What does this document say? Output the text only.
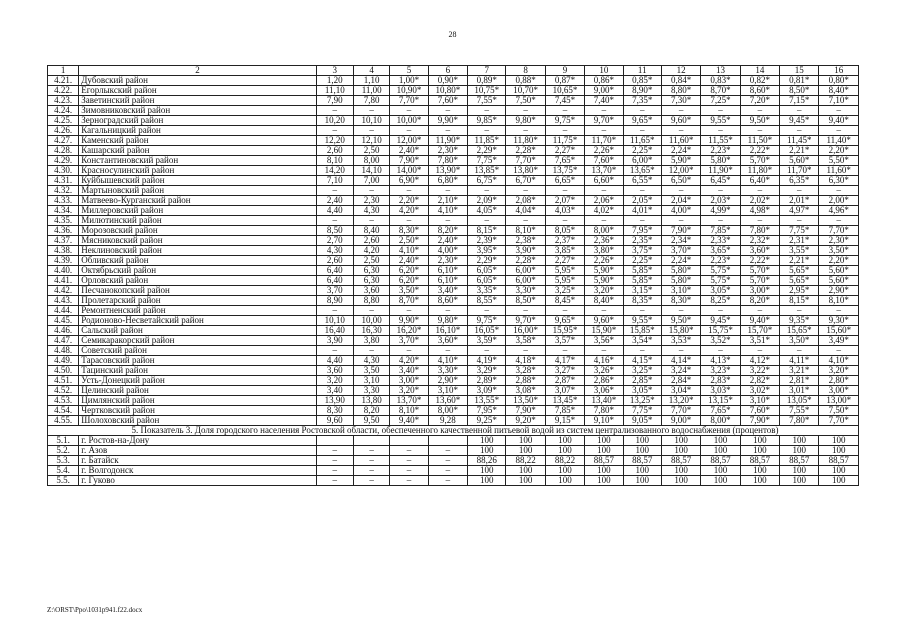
28
1	2	3	4	5	6	7	8	9	10	11	12	13	14	15	16
4.21.	Дубовский район	1,20	1,10	1,00*	0,90*	0,89*	0,88*	0,87*	0,86*	0,85*	0,84*	0,83*	0,82*	0,81*	0,80*
4.22.	Егорлыкский район	11,10	11,00	10,90*	10,80*	10,75*	10,70*	10,65*	9,00*	8,90*	8,80*	8,70*	8,60*	8,50*	8,40*
4.23.	Заветинский район	7,90	7,80	7,70*	7,60*	7,55*	7,50*	7,45*	7,40*	7,35*	7,30*	7,25*	7,20*	7,15*	7,10*
4.24.	Зимовниковский район	–	–	–	–	–	–	–	–	–	–	–	–	–	–
4.25.	Зерноградский район	10,20	10,10	10,00*	9,90*	9,85*	9,80*	9,75*	9,70*	9,65*	9,60*	9,55*	9,50*	9,45*	9,40*
4.26.	Кагальницкий район	–	–	–	–	–	–	–	–	–	–	–	–	–	–
4.27.	Каменский район	12,20	12,10	12,00*	11,90*	11,85*	11,80*	11,75*	11,70*	11,65*	11,60*	11,55*	11,50*	11,45*	11,40*
4.28.	Кашарский район	2,60	2,50	2,40*	2,30*	2,29*	2,28*	2,27*	2,26*	2,25*	2,24*	2,23*	2,22*	2,21*	2,20*
4.29.	Константиновский район	8,10	8,00	7,90*	7,80*	7,75*	7,70*	7,65*	7,60*	6,00*	5,90*	5,80*	5,70*	5,60*	5,50*
4.30.	Красносулинский район	14,20	14,10	14,00*	13,90*	13,85*	13,80*	13,75*	13,70*	13,65*	12,00*	11,90*	11,80*	11,70*	11,60*
4.31.	Куйбышевский район	7,10	7,00	6,90*	6,80*	6,75*	6,70*	6,65*	6,60*	6,55*	6,50*	6,45*	6,40*	6,35*	6,30*
4.32.	Мартыновский район	–	–	–	–	–	–	–	–	–	–	–	–	–	–
4.33.	Матвеево-Курганский район	2,40	2,30	2,20*	2,10*	2,09*	2,08*	2,07*	2,06*	2,05*	2,04*	2,03*	2,02*	2,01*	2,00*
4.34.	Миллеровский район	4,40	4,30	4,20*	4,10*	4,05*	4,04*	4,03*	4,02*	4,01*	4,00*	4,99*	4,98*	4,97*	4,96*
4.35.	Милютинский район	–	–	–	–	–	–	–	–	–	–	–	–	–	–
4.36.	Морозовский район	8,50	8,40	8,30*	8,20*	8,15*	8,10*	8,05*	8,00*	7,95*	7,90*	7,85*	7,80*	7,75*	7,70*
4.37.	Мясниковский район	2,70	2,60	2,50*	2,40*	2,39*	2,38*	2,37*	2,36*	2,35*	2,34*	2,33*	2,32*	2,31*	2,30*
4.38.	Неклиновский район	4,30	4,20	4,10*	4,00*	3,95*	3,90*	3,85*	3,80*	3,75*	3,70*	3,65*	3,60*	3,55*	3,50*
4.39.	Обливский район	2,60	2,50	2,40*	2,30*	2,29*	2,28*	2,27*	2,26*	2,25*	2,24*	2,23*	2,22*	2,21*	2,20*
4.40.	Октябрьский район	6,40	6,30	6,20*	6,10*	6,05*	6,00*	5,95*	5,90*	5,85*	5,80*	5,75*	5,70*	5,65*	5,60*
4.41.	Орловский район	6,40	6,30	6,20*	6,10*	6,05*	6,00*	5,95*	5,90*	5,85*	5,80*	5,75*	5,70*	5,65*	5,60*
4.42.	Песчанокопский район	3,70	3,60	3,50*	3,40*	3,35*	3,30*	3,25*	3,20*	3,15*	3,10*	3,05*	3,00*	2,95*	2,90*
4.43.	Пролетарский район	8,90	8,80	8,70*	8,60*	8,55*	8,50*	8,45*	8,40*	8,35*	8,30*	8,25*	8,20*	8,15*	8,10*
4.44.	Ремонтненский район	–	–	–	–	–	–	–	–	–	–	–	–	–	–
4.45.	Родионово-Несветайский район	10,10	10,00	9,90*	9,80*	9,75*	9,70*	9,65*	9,60*	9,55*	9,50*	9,45*	9,40*	9,35*	9,30*
4.46.	Сальский район	16,40	16,30	16,20*	16,10*	16,05*	16,00*	15,95*	15,90*	15,85*	15,80*	15,75*	15,70*	15,65*	15,60*
4.47.	Семикаракорский район	3,90	3,80	3,70*	3,60*	3,59*	3,58*	3,57*	3,56*	3,54*	3,53*	3,52*	3,51*	3,50*	3,49*
4.48.	Советский район	–	–	–	–	–	–	–	–	–	–	–	–	–	–
4.49.	Тарасовский район	4,40	4,30	4,20*	4,10*	4,19*	4,18*	4,17*	4,16*	4,15*	4,14*	4,13*	4,12*	4,11*	4,10*
4.50.	Тацинский район	3,60	3,50	3,40*	3,30*	3,29*	3,28*	3,27*	3,26*	3,25*	3,24*	3,23*	3,22*	3,21*	3,20*
4.51.	Усть-Донецкий район	3,20	3,10	3,00*	2,90*	2,89*	2,88*	2,87*	2,86*	2,85*	2,84*	2,83*	2,82*	2,81*	2,80*
4.52.	Целинский район	3,40	3,30	3,20*	3,10*	3,09*	3,08*	3,07*	3,06*	3,05*	3,04*	3,03*	3,02*	3,01*	3,00*
4.53.	Цимлянский район	13,90	13,80	13,70*	13,60*	13,55*	13,50*	13,45*	13,40*	13,25*	13,20*	13,15*	3,10*	13,05*	13,00*
4.54.	Чертковский район	8,30	8,20	8,10*	8,00*	7,95*	7,90*	7,85*	7,80*	7,75*	7,70*	7,65*	7,60*	7,55*	7,50*
4.55.	Шолоховский район	9,60	9,50	9,40*	9,28	9,25*	9,20*	9,15*	9,10*	9,05*	9,00*	8,00*	7,90*	7,80*	7,70*
5. Показатель 3. Доля городского населения Ростовской области, обеспеченного качественной питьевой водой из систем централизованного водоснабжения (процентов)															
5.1.	г. Ростов-на-Дону					100	100	100	100	100	100	100	100	100	100
5.2.	г. Азов	–	–	–	–	100	100	100	100	100	100	100	100	100	100
5.3.	г. Батайск	–	–	–	–	88,26	88,22	88,22	88,57	88,57	88,57	88,57	88,57	88,57	88,57
5.4.	г. Волгодонск	–	–	–	–	100	100	100	100	100	100	100	100	100	100
5.5.	г. Гуково	–	–	–	–	100	100	100	100	100	100	100	100	100	100
Z:\ORST\Ppo\1031p941.f22.docx
